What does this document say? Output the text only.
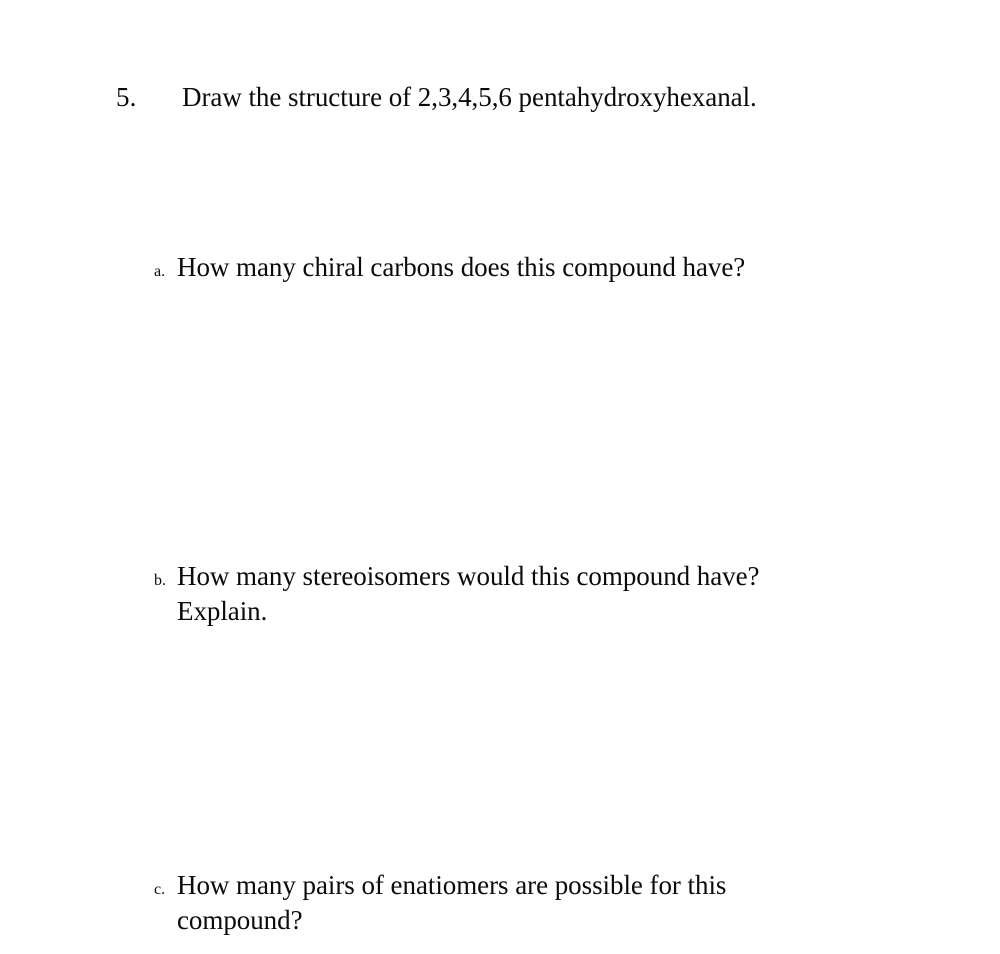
5.	Draw the structure of 2,3,4,5,6 pentahydroxyhexanal.
a. How many chiral carbons does this compound have?
b. How many stereoisomers would this compound have?
Explain.
c. How many pairs of enatiomers are possible for this
compound?
